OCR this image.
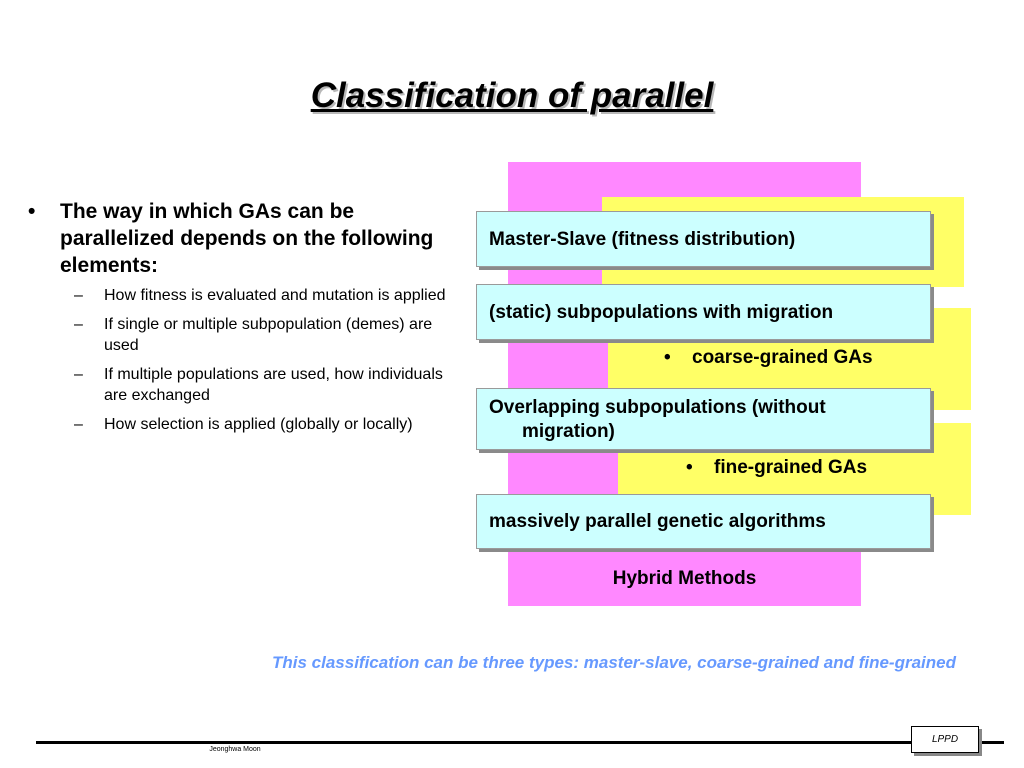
Classification of parallel
•	The way in which GAs can be parallelized depends on the following elements:
–	How fitness is evaluated and mutation is applied
–	If single or multiple subpopulation (demes) are used
–	If multiple populations are used, how individuals are exchanged
–	How selection is applied (globally or locally)
•	coarse-grained GAs
•	fine-grained GAs
Master-Slave (fitness distribution)
(static) subpopulations with migration
Overlapping subpopulations (without
migration)
massively parallel genetic algorithms
Hybrid Methods
This classification can be three types: master-slave, coarse-grained and fine-grained
Jeonghwa Moon
LPPD
